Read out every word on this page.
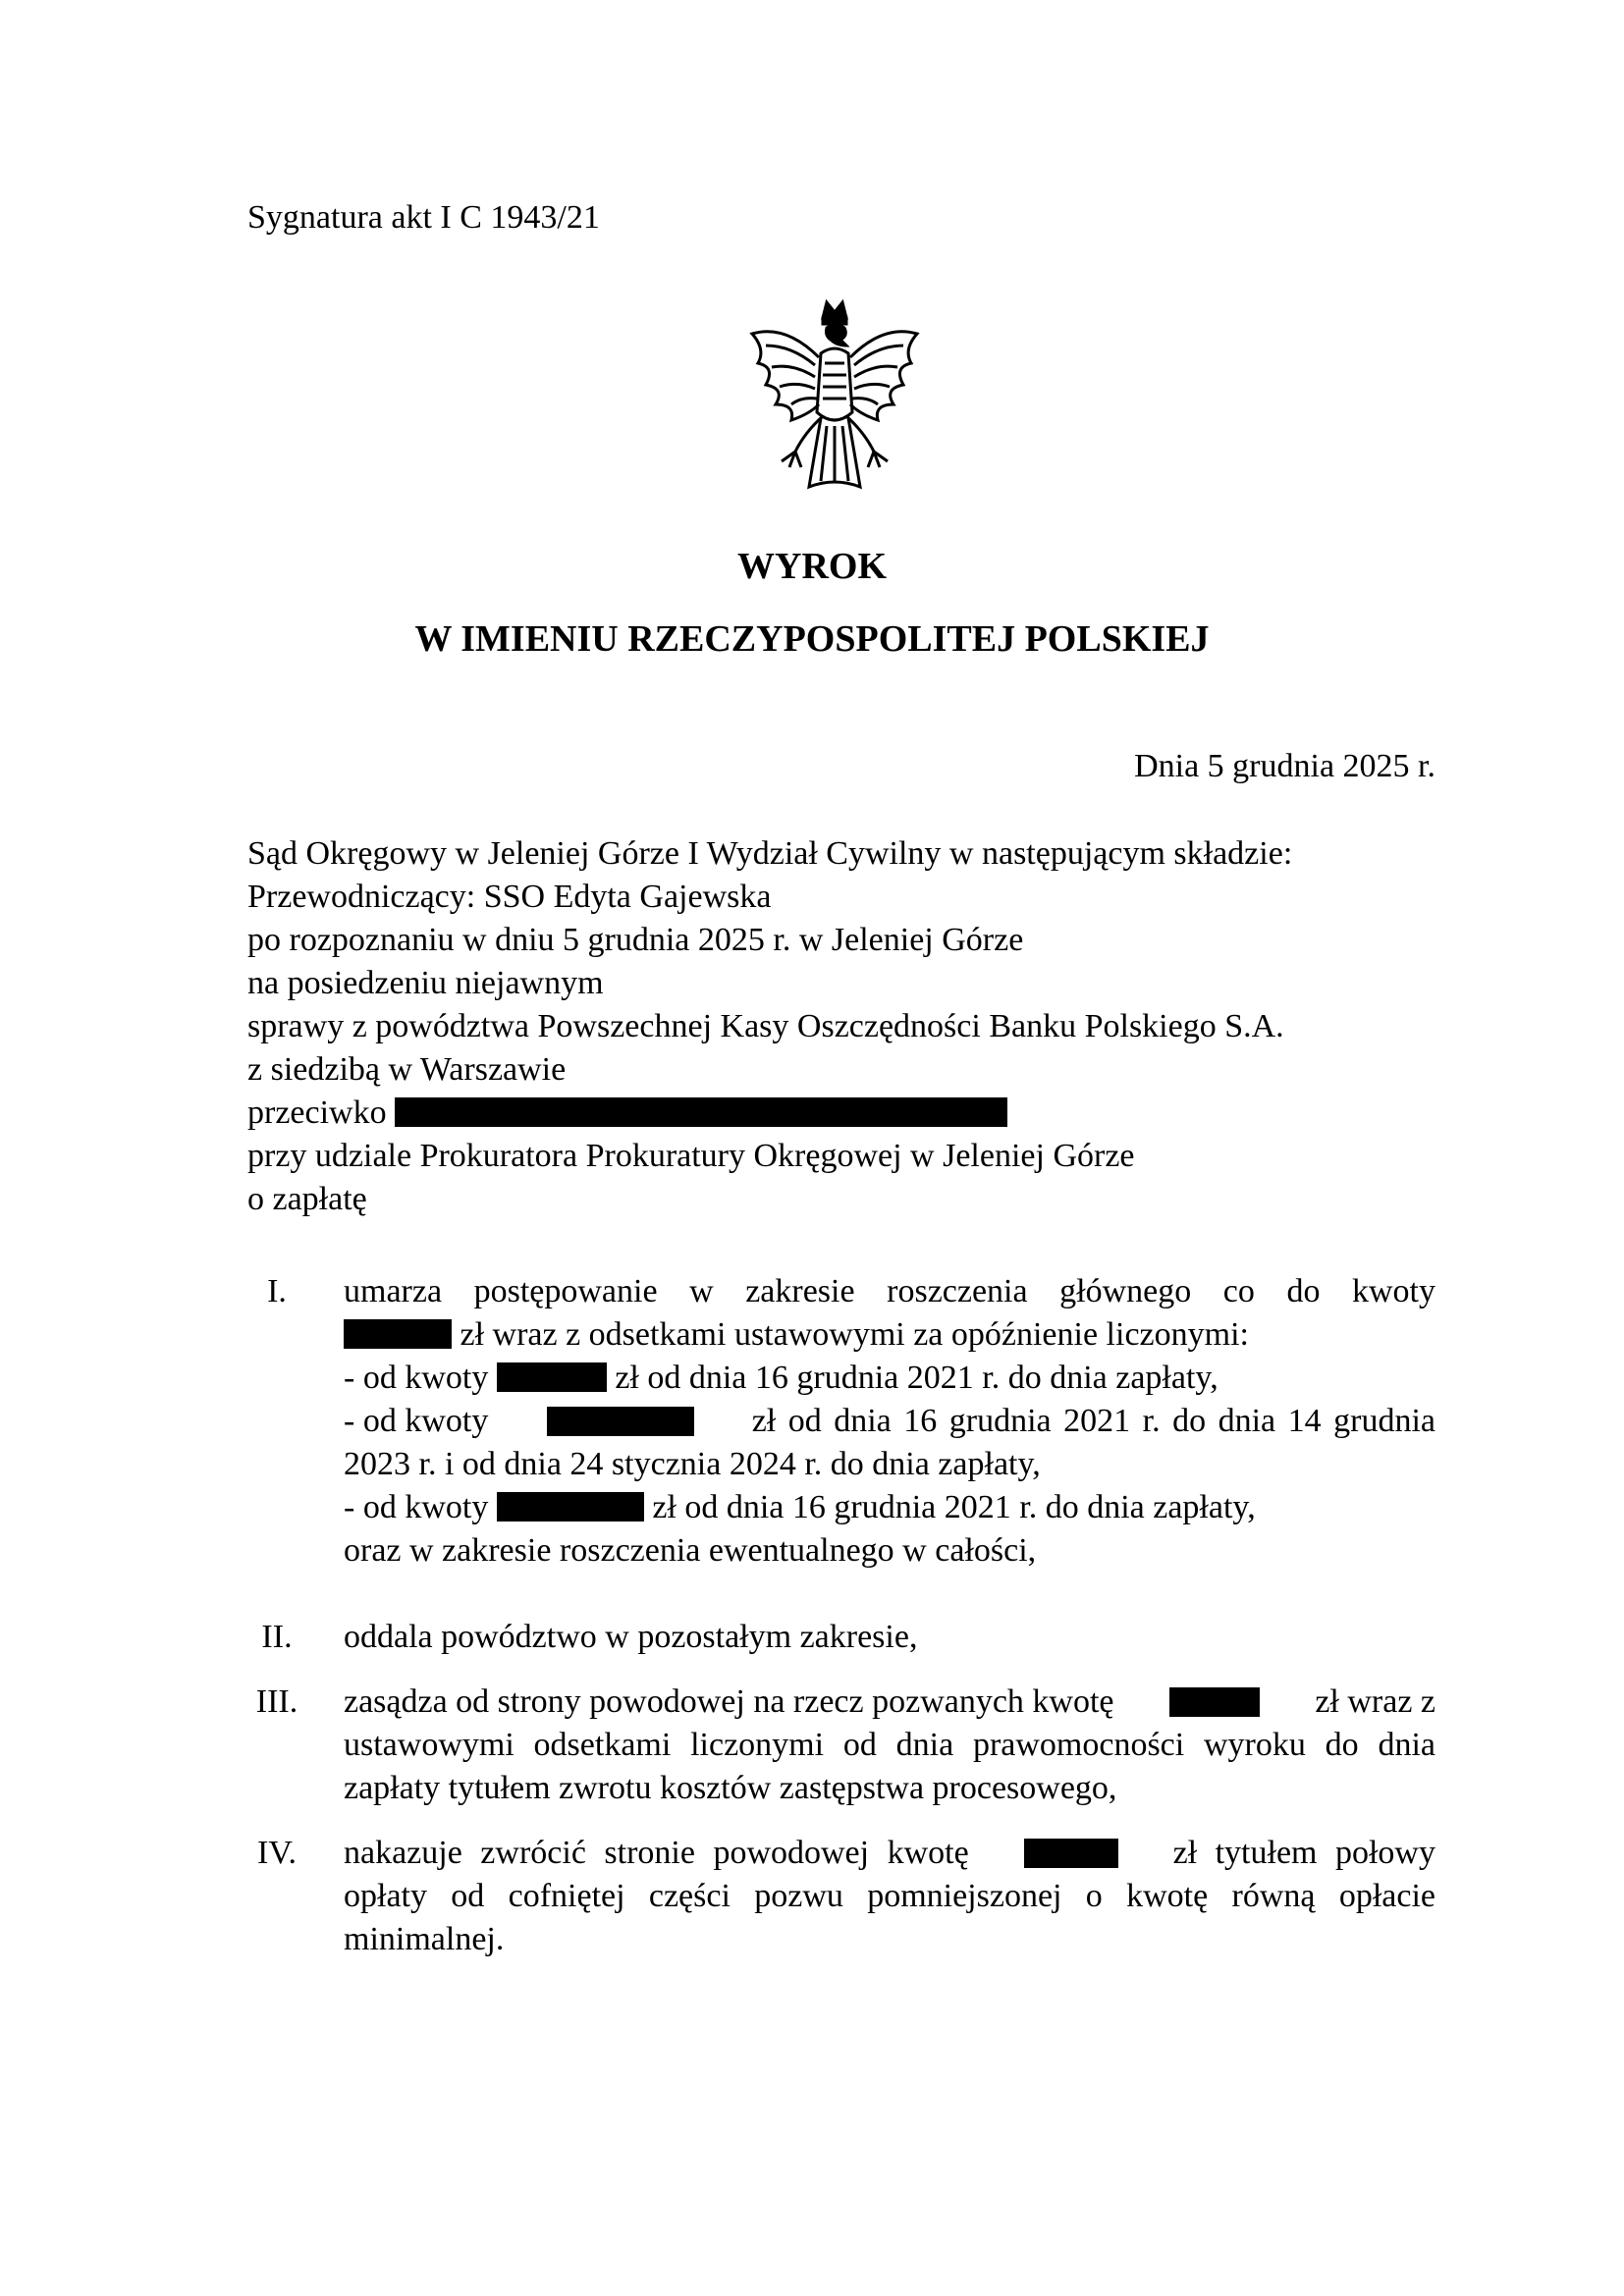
Sygnatura akt I C 1943/21
WYROK
W IMIENIU RZECZYPOSPOLITEJ POLSKIEJ
Dnia 5 grudnia 2025 r.
Sąd Okręgowy w Jeleniej Górze I Wydział Cywilny w następującym składzie:
Przewodniczący: SSO Edyta Gajewska
po rozpoznaniu w dniu 5 grudnia 2025 r. w Jeleniej Górze
na posiedzeniu niejawnym
sprawy z powództwa Powszechnej Kasy Oszczędności Banku Polskiego S.A.
z siedzibą w Warszawie
przeciwko
przy udziale Prokuratora Prokuratury Okręgowej w Jeleniej Górze
o zapłatę
I.	umarza postępowanie w zakresie roszczenia głównego co do kwoty
zł wraz z odsetkami ustawowymi za opóźnienie liczonymi:
- od kwoty	zł od dnia 16 grudnia 2021 r. do dnia zapłaty,
- od kwoty	zł od dnia 16 grudnia 2021 r. do dnia 14 grudnia
2023 r. i od dnia 24 stycznia 2024 r. do dnia zapłaty,
- od kwoty	zł od dnia 16 grudnia 2021 r. do dnia zapłaty,
oraz w zakresie roszczenia ewentualnego w całości,
II.	oddala powództwo w pozostałym zakresie,
III. zasądza od strony powodowej na rzecz pozwanych kwotę	zł wraz z
ustawowymi odsetkami liczonymi od dnia prawomocności wyroku do dnia
zapłaty tytułem zwrotu kosztów zastępstwa procesowego,
IV. nakazuje zwrócić stronie powodowej kwotę	zł tytułem połowy
opłaty od cofniętej części pozwu pomniejszonej o kwotę równą opłacie
minimalnej.
